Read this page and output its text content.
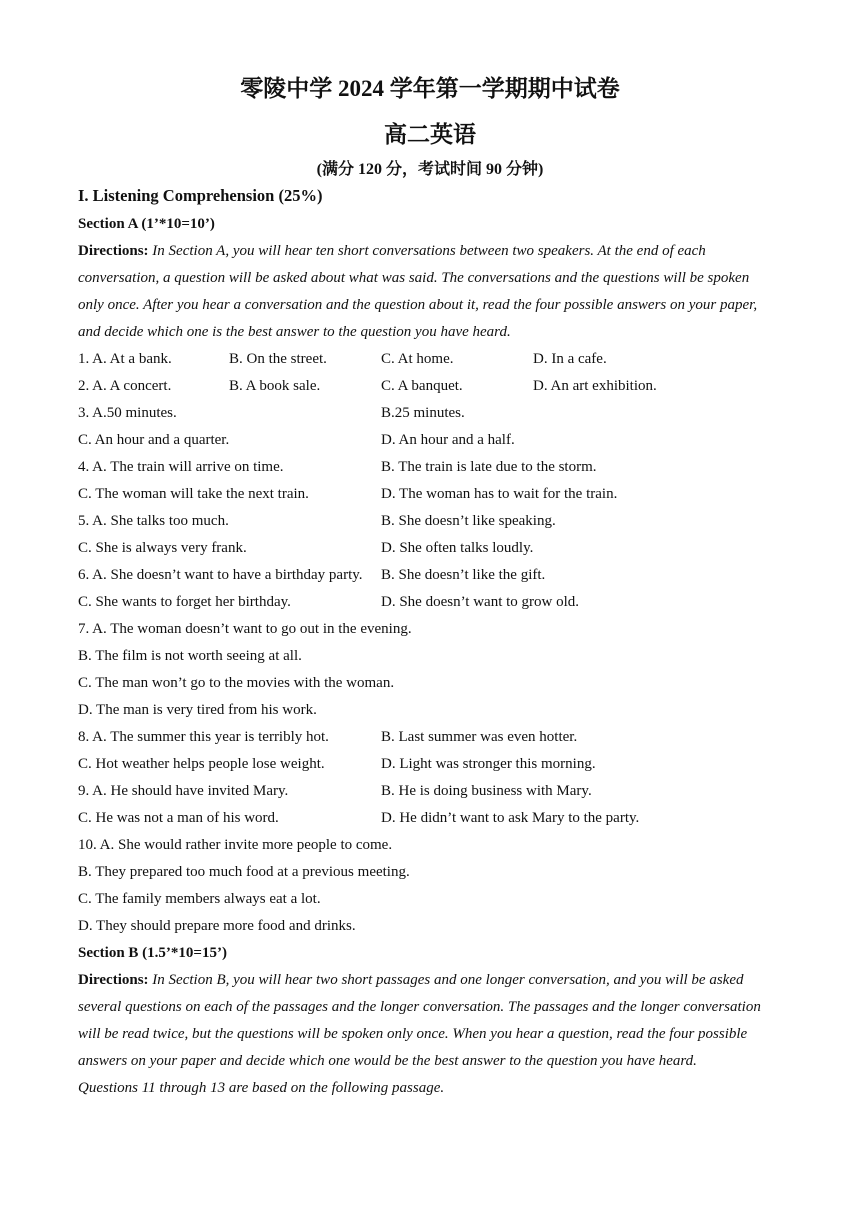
零陵中学 2024 学年第一学期期中试卷
高二英语
(满分 120 分，考试时间 90 分钟)
I. Listening Comprehension (25%)
Section A (1’*10=10’)
Directions: In Section A, you will hear ten short conversations between two speakers. At the end of each
conversation, a question will be asked about what was said. The conversations and the questions will be spoken
only once. After you hear a conversation and the question about it, read the four possible answers on your paper,
and decide which one is the best answer to the question you have heard.
1. A. At a bank.	B. On the street.	C. At home.	D. In a cafe.
2. A. A concert.	B. A book sale.	C. A banquet.	D. An art exhibition.
3. A.50 minutes.	B.25 minutes.
C. An hour and a quarter.	D. An hour and a half.
4. A. The train will arrive on time.	B. The train is late due to the storm.
C. The woman will take the next train.	D. The woman has to wait for the train.
5. A. She talks too much.	B. She doesn’t like speaking.
C. She is always very frank.	D. She often talks loudly.
6. A. She doesn’t want to have a birthday party. B. She doesn’t like the gift.
C. She wants to forget her birthday.	D. She doesn’t want to grow old.
7. A. The woman doesn’t want to go out in the evening.
B. The film is not worth seeing at all.
C. The man won’t go to the movies with the woman.
D. The man is very tired from his work.
8. A. The summer this year is terribly hot.	B. Last summer was even hotter.
C. Hot weather helps people lose weight.	D. Light was stronger this morning.
9. A. He should have invited Mary.	B. He is doing business with Mary.
C. He was not a man of his word.	D. He didn’t want to ask Mary to the party.
10. A. She would rather invite more people to come.
B. They prepared too much food at a previous meeting.
C. The family members always eat a lot.
D. They should prepare more food and drinks.
Section B (1.5’*10=15’)
Directions: In Section B, you will hear two short passages and one longer conversation, and you will be asked
several questions on each of the passages and the longer conversation. The passages and the longer conversation
will be read twice, but the questions will be spoken only once. When you hear a question, read the four possible
answers on your paper and decide which one would be the best answer to the question you have heard.
Questions 11 through 13 are based on the following passage.
